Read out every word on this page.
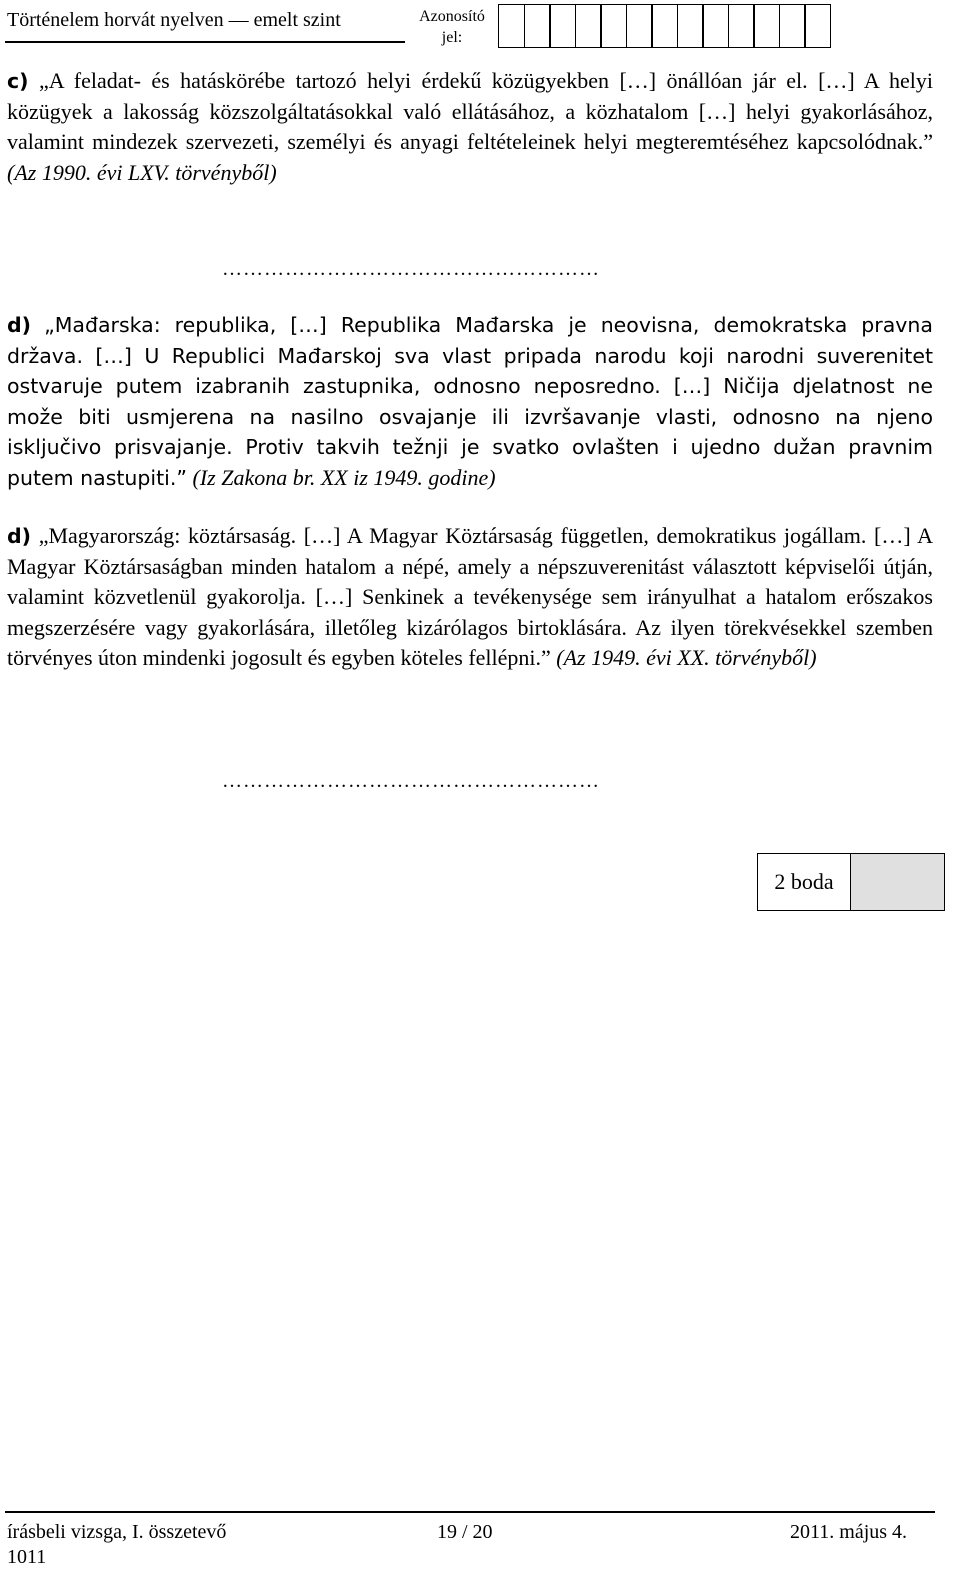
Történelem horvát nyelven — emelt szint	Azonosító
jel:
c) „A feladat- és hatáskörébe tartozó helyi érdekű közügyekben […] önállóan jár el. […] A helyi közügyek a lakosság közszolgáltatásokkal való ellátásához, a közhatalom […] helyi gyakorlásához, valamint mindezek szervezeti, személyi és anyagi feltételeinek helyi megteremtéséhez kapcsolódnak.” (Az 1990. évi LXV. törvényből)
………………………………………………
d) „Mađarska: republika, […] Republika Mađarska je neovisna, demokratska pravna država. […] U Republici Mađarskoj sva vlast pripada narodu koji narodni suverenitet ostvaruje putem izabranih zastupnika, odnosno neposredno. […] Ničija djelatnost ne može biti usmjerena na nasilno osvajanje ili izvršavanje vlasti, odnosno na njeno isključivo prisvajanje. Protiv takvih težnji je svatko ovlašten i ujedno dužan pravnim putem nastupiti.” (Iz Zakona br. XX iz 1949. godine)
d) „Magyarország: köztársaság. […] A Magyar Köztársaság független, demokratikus jogállam. […] A Magyar Köztársaságban minden hatalom a népé, amely a népszuverenitást választott képviselői útján, valamint közvetlenül gyakorolja. […] Senkinek a tevékenysége sem irányulhat a hatalom erőszakos megszerzésére vagy gyakorlására, illetőleg kizárólagos birtoklására. Az ilyen törekvésekkel szemben törvényes úton mindenki jogosult és egyben köteles fellépni.” (Az 1949. évi XX. törvényből)
………………………………………………
2 boda
írásbeli vizsga, I. összetevő
1011
19 / 20	2011. május 4.
